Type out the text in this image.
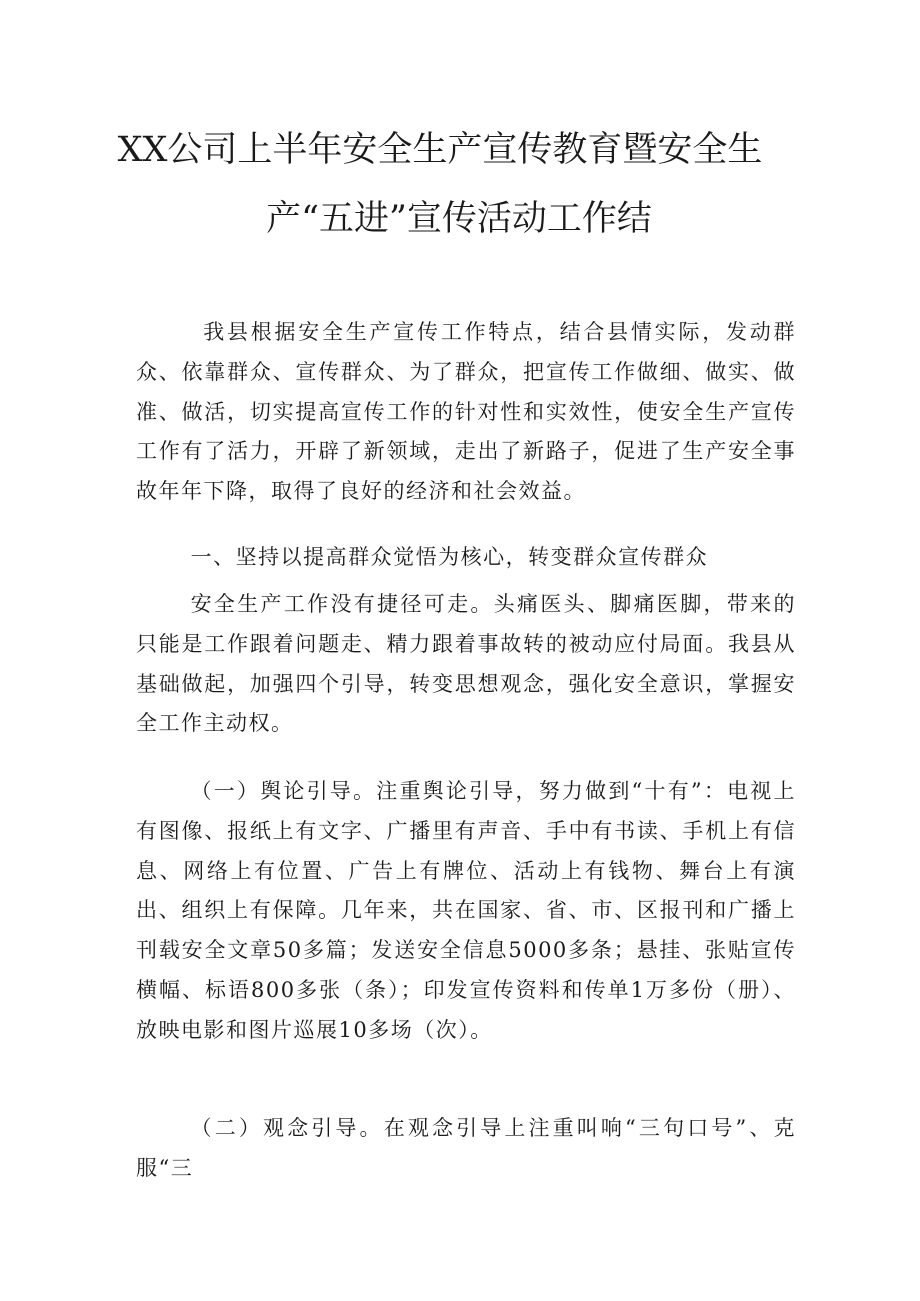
XX公司上半年安全生产宣传教育暨安全生
产“五进”宣传活动工作结

我县根据安全生产宣传工作特点，结合县情实际，发动群众、依靠群众、宣传群众、为了群众，把宣传工作做细、做实、做准、做活，切实提高宣传工作的针对性和实效性，使安全生产宣传工作有了活力，开辟了新领域，走出了新路子，促进了生产安全事故年年下降，取得了良好的经济和社会效益。

一、坚持以提高群众觉悟为核心，转变群众宣传群众

安全生产工作没有捷径可走。头痛医头、脚痛医脚，带来的只能是工作跟着问题走、精力跟着事故转的被动应付局面。我县从基础做起，加强四个引导，转变思想观念，强化安全意识，掌握安全工作主动权。

（一）舆论引导。注重舆论引导，努力做到“十有”：电视上有图像、报纸上有文字、广播里有声音、手中有书读、手机上有信息、网络上有位置、广告上有牌位、活动上有钱物、舞台上有演出、组织上有保障。几年来，共在国家、省、市、区报刊和广播上刊载安全文章50多篇；发送安全信息5000多条；悬挂、张贴宣传横幅、标语800多张（条）；印发宣传资料和传单1万多份（册）、放映电影和图片巡展10多场（次）。

（二）观念引导。在观念引导上注重叫响“三句口号”、克服“三
